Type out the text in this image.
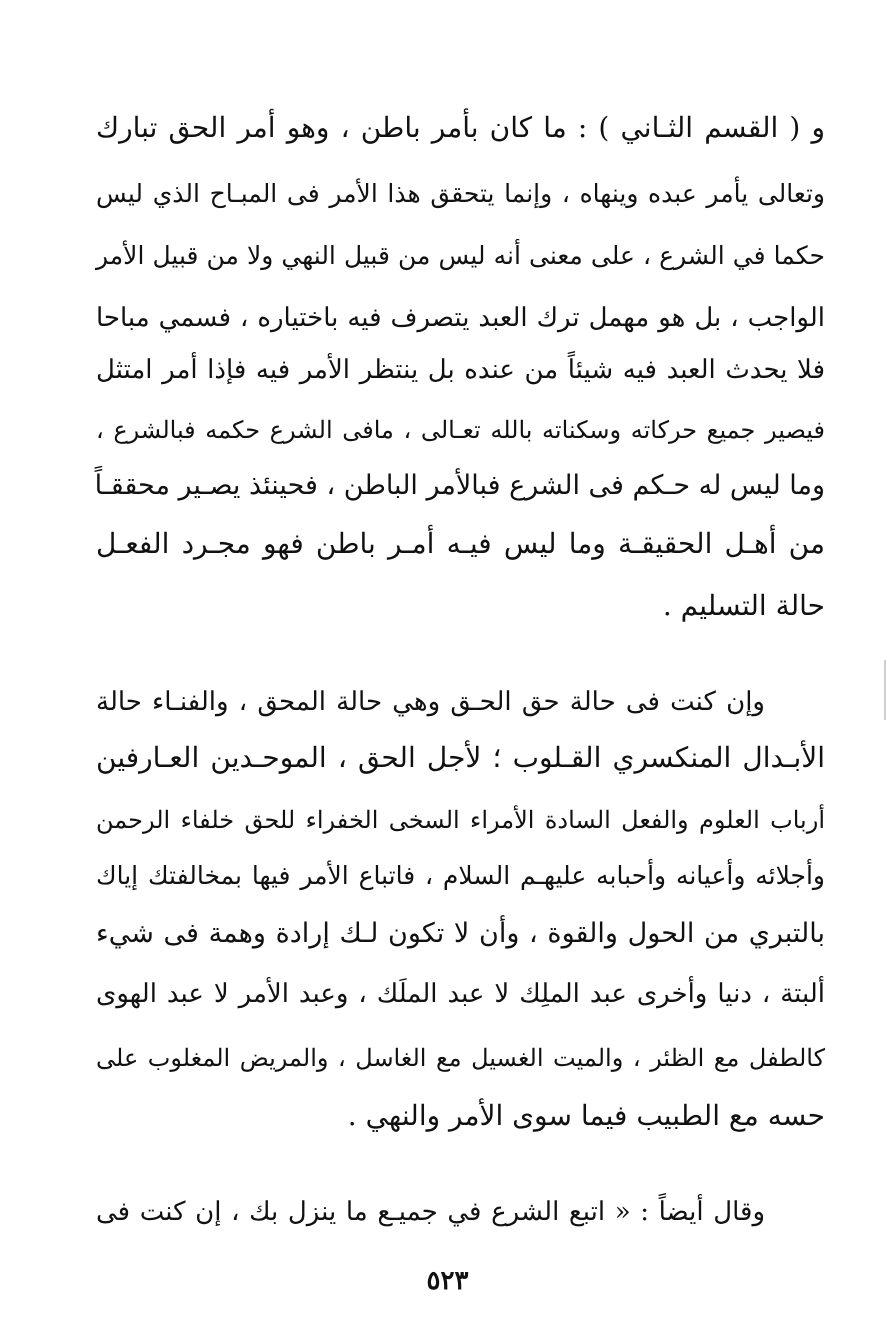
و ( القسم الثـاني ) : ما كان بأمر باطن ، وهو أمر الحق تبارك
وتعالى يأمر عبده وينهاه ، وإنما يتحقق هذا الأمر فى المبـاح الذي ليس
حكما في الشرع ، على معنى أنه ليس من قبيل النهي ولا من قبيل الأمر
الواجب ، بل هو مهمل ترك العبد يتصرف فيه باختياره ، فسمي مباحا
فلا يحدث العبد فيه شيئاً من عنده بل ينتظر الأمر فيه فإذا أمر امتثل
فيصير جميع حركاته وسكناته بالله تعـالى ، مافى الشرع حكمه فبالشرع ،
وما ليس له حـكم فى الشرع فبالأمر الباطن ، فحينئذ يصـير محققـاً
من أهـل الحقيقـة وما ليس فيـه أمـر باطن فهو مجـرد الفعـل
حالة التسليم .
وإن كنت فى حالة حق الحـق وهي حالة المحق ، والفنـاء حالة
الأبـدال المنكسري القـلوب ؛ لأجل الحق ، الموحـدين العـارفين
أرباب العلوم والفعل السادة الأمراء السخى الخفراء للحق خلفاء الرحمن
وأجلائه وأعيانه وأحبابه عليهـم السلام ، فاتباع الأمر فيها بمخالفتك إياك
بالتبري من الحول والقوة ، وأن لا تكون لـك إرادة وهمة فى شيء
ألبتة ، دنيا وأخرى عبد الملِك لا عبد الملَك ، وعبد الأمر لا عبد الهوى
كالطفل مع الظئر ، والميت الغسيل مع الغاسل ، والمريض المغلوب على
حسه مع الطبيب فيما سوى الأمر والنهي .
وقال أيضاً : « اتبع الشرع في جميـع ما ينزل بك ، إن كنت فى
٥٢٣
